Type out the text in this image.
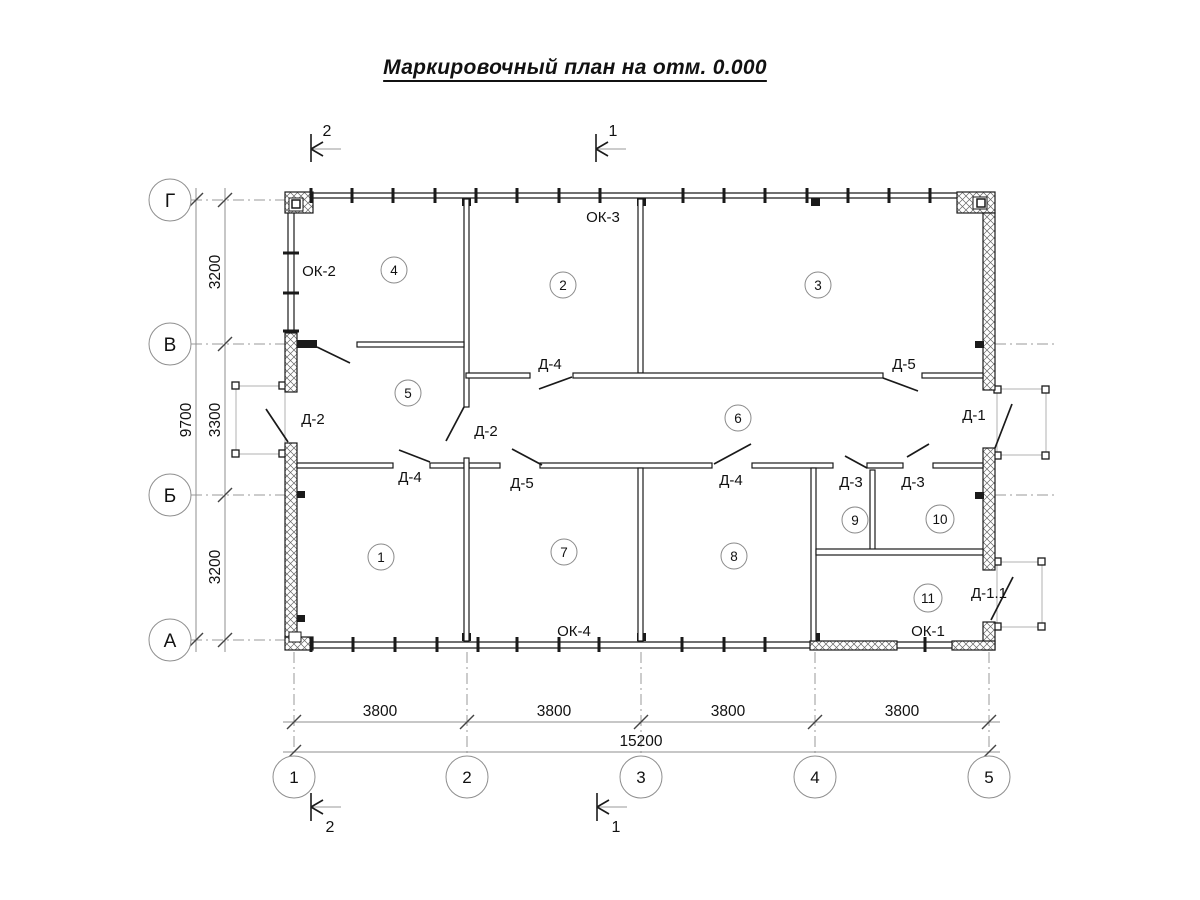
Маркировочный план на отм. 0.000
3800	3800	3800	3800
15200
3200
3300
3200
9700
Г
В
Б
А
1	2	3	4	5
2	1
2	1
1
2	3
4
5
6
7	8
9	10
11
ОК-2
ОК-3
ОК-4	ОК-1
Д-2
Д-2
Д-4	Д-5
Д-4	Д-5	Д-4	Д-3	Д-3
Д-1
Д-1.1
